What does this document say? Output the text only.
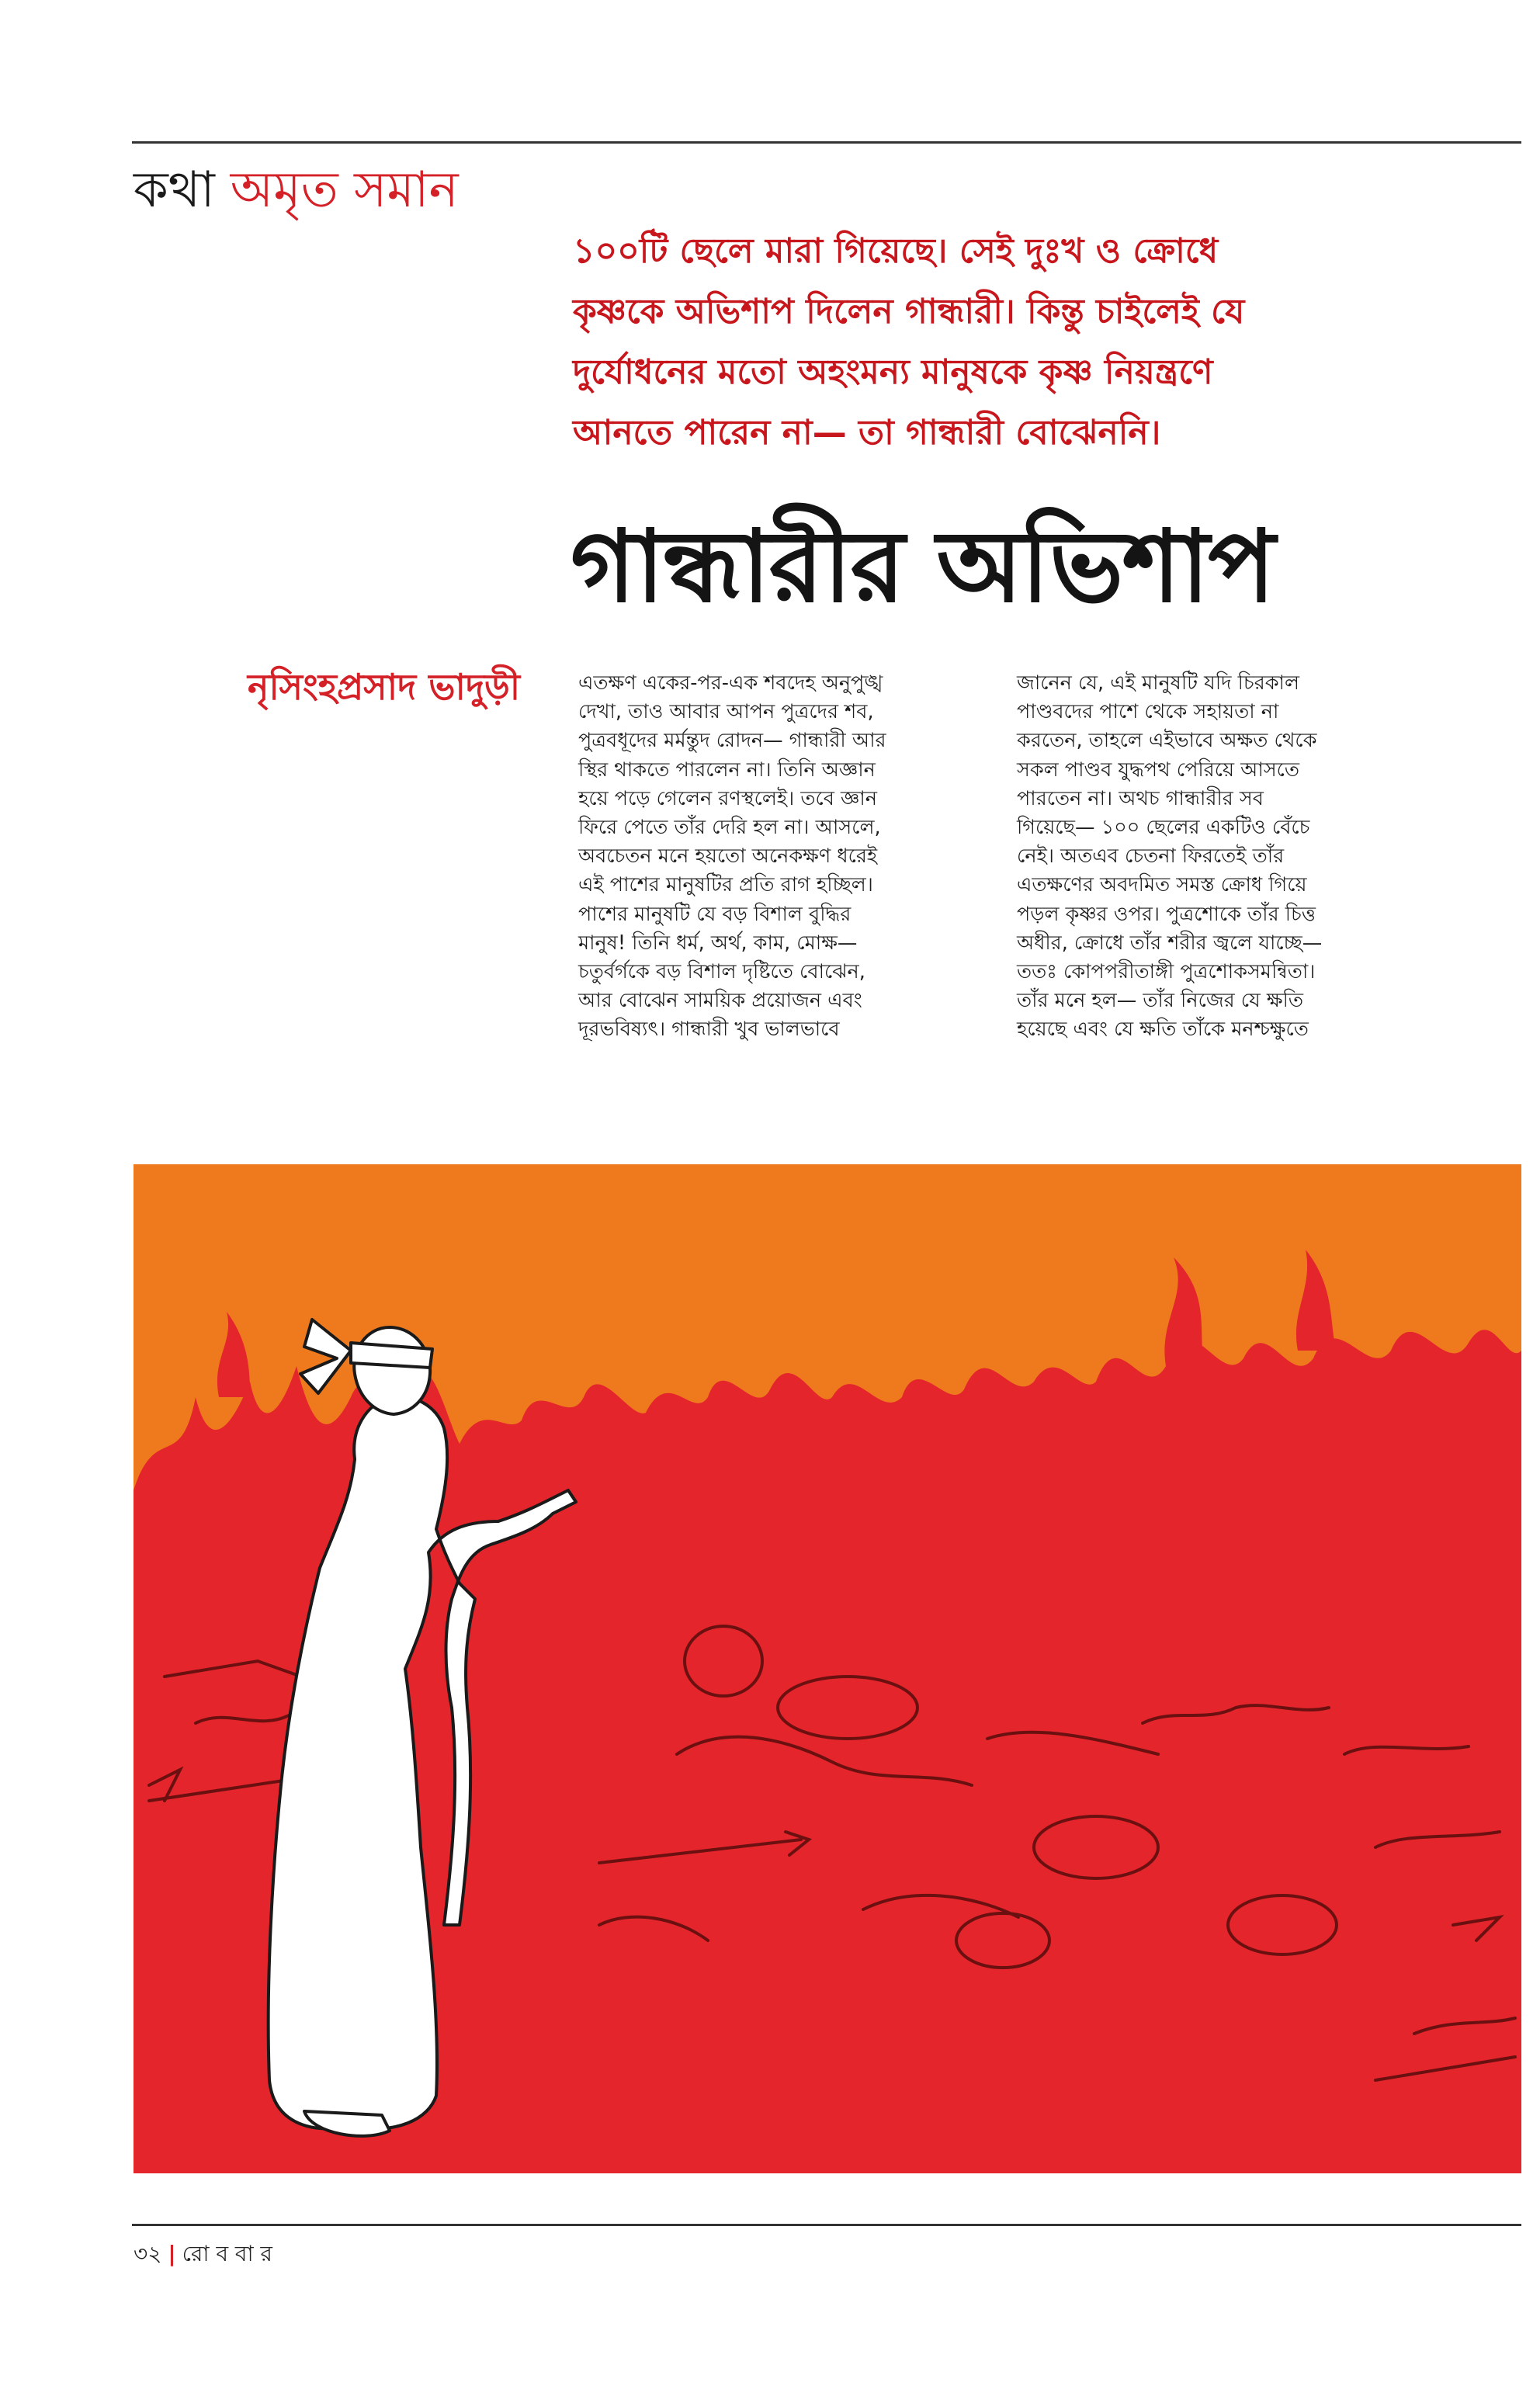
কথা অমৃত সমান

১০০টি ছেলে মারা গিয়েছে। সেই দুঃখ ও ক্রোধে

কৃষ্ণকে অভিশাপ দিলেন গান্ধারী। কিন্তু চাইলেই যে

দুর্যোধনের মতো অহংমন্য মানুষকে কৃষ্ণ নিয়ন্ত্রণে

আনতে পারেন না— তা গান্ধারী বোঝেননি।

গান্ধারীর অভিশাপ
নৃসিংহপ্রসাদ ভাদুড়ী	এতক্ষণ একের-পর-এক শবদেহ অনুপুঙ্খ

দেখা, তাও আবার আপন পুত্রদের শব,

পুত্রবধূদের মর্মন্তুদ রোদন— গান্ধারী আর

স্থির থাকতে পারলেন না। তিনি অজ্ঞান

হয়ে পড়ে গেলেন রণস্থলেই। তবে জ্ঞান

ফিরে পেতে তাঁর দেরি হল না। আসলে,

অবচেতন মনে হয়তো অনেকক্ষণ ধরেই

এই পাশের মানুষটির প্রতি রাগ হচ্ছিল।

পাশের মানুষটি যে বড় বিশাল বুদ্ধির

মানুষ! তিনি ধর্ম, অর্থ, কাম, মোক্ষ—

চতুর্বর্গকে বড় বিশাল দৃষ্টিতে বোঝেন,

আর বোঝেন সাময়িক প্রয়োজন এবং

দূরভবিষ্যৎ। গান্ধারী খুব ভালভাবে

জানেন যে, এই মানুষটি যদি চিরকাল

পাণ্ডবদের পাশে থেকে সহায়তা না

করতেন, তাহলে এইভাবে অক্ষত থেকে

সকল পাণ্ডব যুদ্ধপথ পেরিয়ে আসতে

পারতেন না। অথচ গান্ধারীর সব

গিয়েছে— ১০০ ছেলের একটিও বেঁচে

নেই। অতএব চেতনা ফিরতেই তাঁর

এতক্ষণের অবদমিত সমস্ত ক্রোধ গিয়ে

পড়ল কৃষ্ণর ওপর। পুত্রশোকে তাঁর চিত্ত

অধীর, ক্রোধে তাঁর শরীর জ্বলে যাচ্ছে—

ততঃ কোপপরীতাঙ্গী পুত্রশোকসমন্বিতা।

তাঁর মনে হল— তাঁর নিজের যে ক্ষতি

হয়েছে এবং যে ক্ষতি তাঁকে মনশ্চক্ষুতে

৩২ | রো ব বা র
